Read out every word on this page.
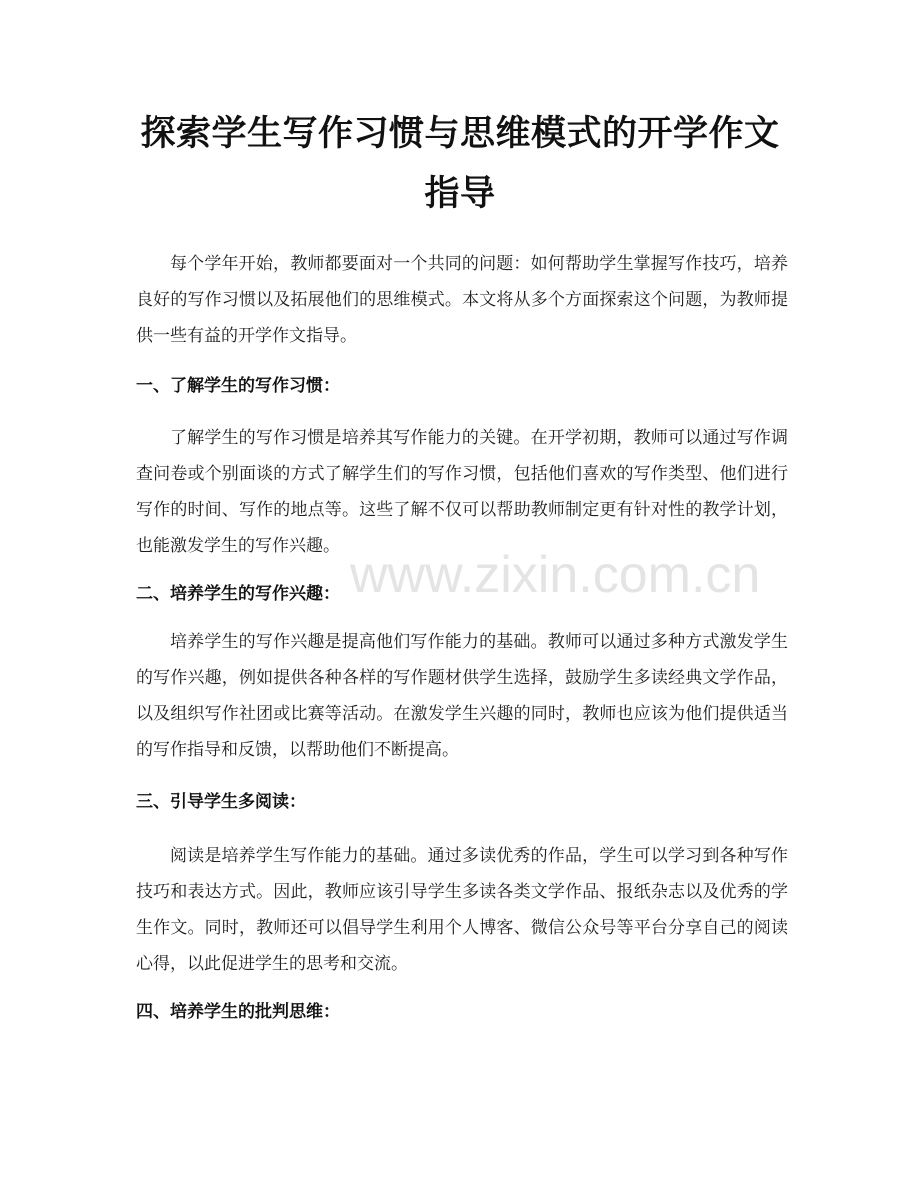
探索学生写作习惯与思维模式的开学作文指导
每个学年开始，教师都要面对一个共同的问题：如何帮助学生掌握写作技巧，培养良好的写作习惯以及拓展他们的思维模式。本文将从多个方面探索这个问题，为教师提供一些有益的开学作文指导。
一、了解学生的写作习惯：
了解学生的写作习惯是培养其写作能力的关键。在开学初期，教师可以通过写作调查问卷或个别面谈的方式了解学生们的写作习惯，包括他们喜欢的写作类型、他们进行写作的时间、写作的地点等。这些了解不仅可以帮助教师制定更有针对性的教学计划，也能激发学生的写作兴趣。
二、培养学生的写作兴趣：
培养学生的写作兴趣是提高他们写作能力的基础。教师可以通过多种方式激发学生的写作兴趣，例如提供各种各样的写作题材供学生选择，鼓励学生多读经典文学作品，以及组织写作社团或比赛等活动。在激发学生兴趣的同时，教师也应该为他们提供适当的写作指导和反馈，以帮助他们不断提高。
三、引导学生多阅读：
阅读是培养学生写作能力的基础。通过多读优秀的作品，学生可以学习到各种写作技巧和表达方式。因此，教师应该引导学生多读各类文学作品、报纸杂志以及优秀的学生作文。同时，教师还可以倡导学生利用个人博客、微信公众号等平台分享自己的阅读心得，以此促进学生的思考和交流。
四、培养学生的批判思维：
www.zixin.com.cn
